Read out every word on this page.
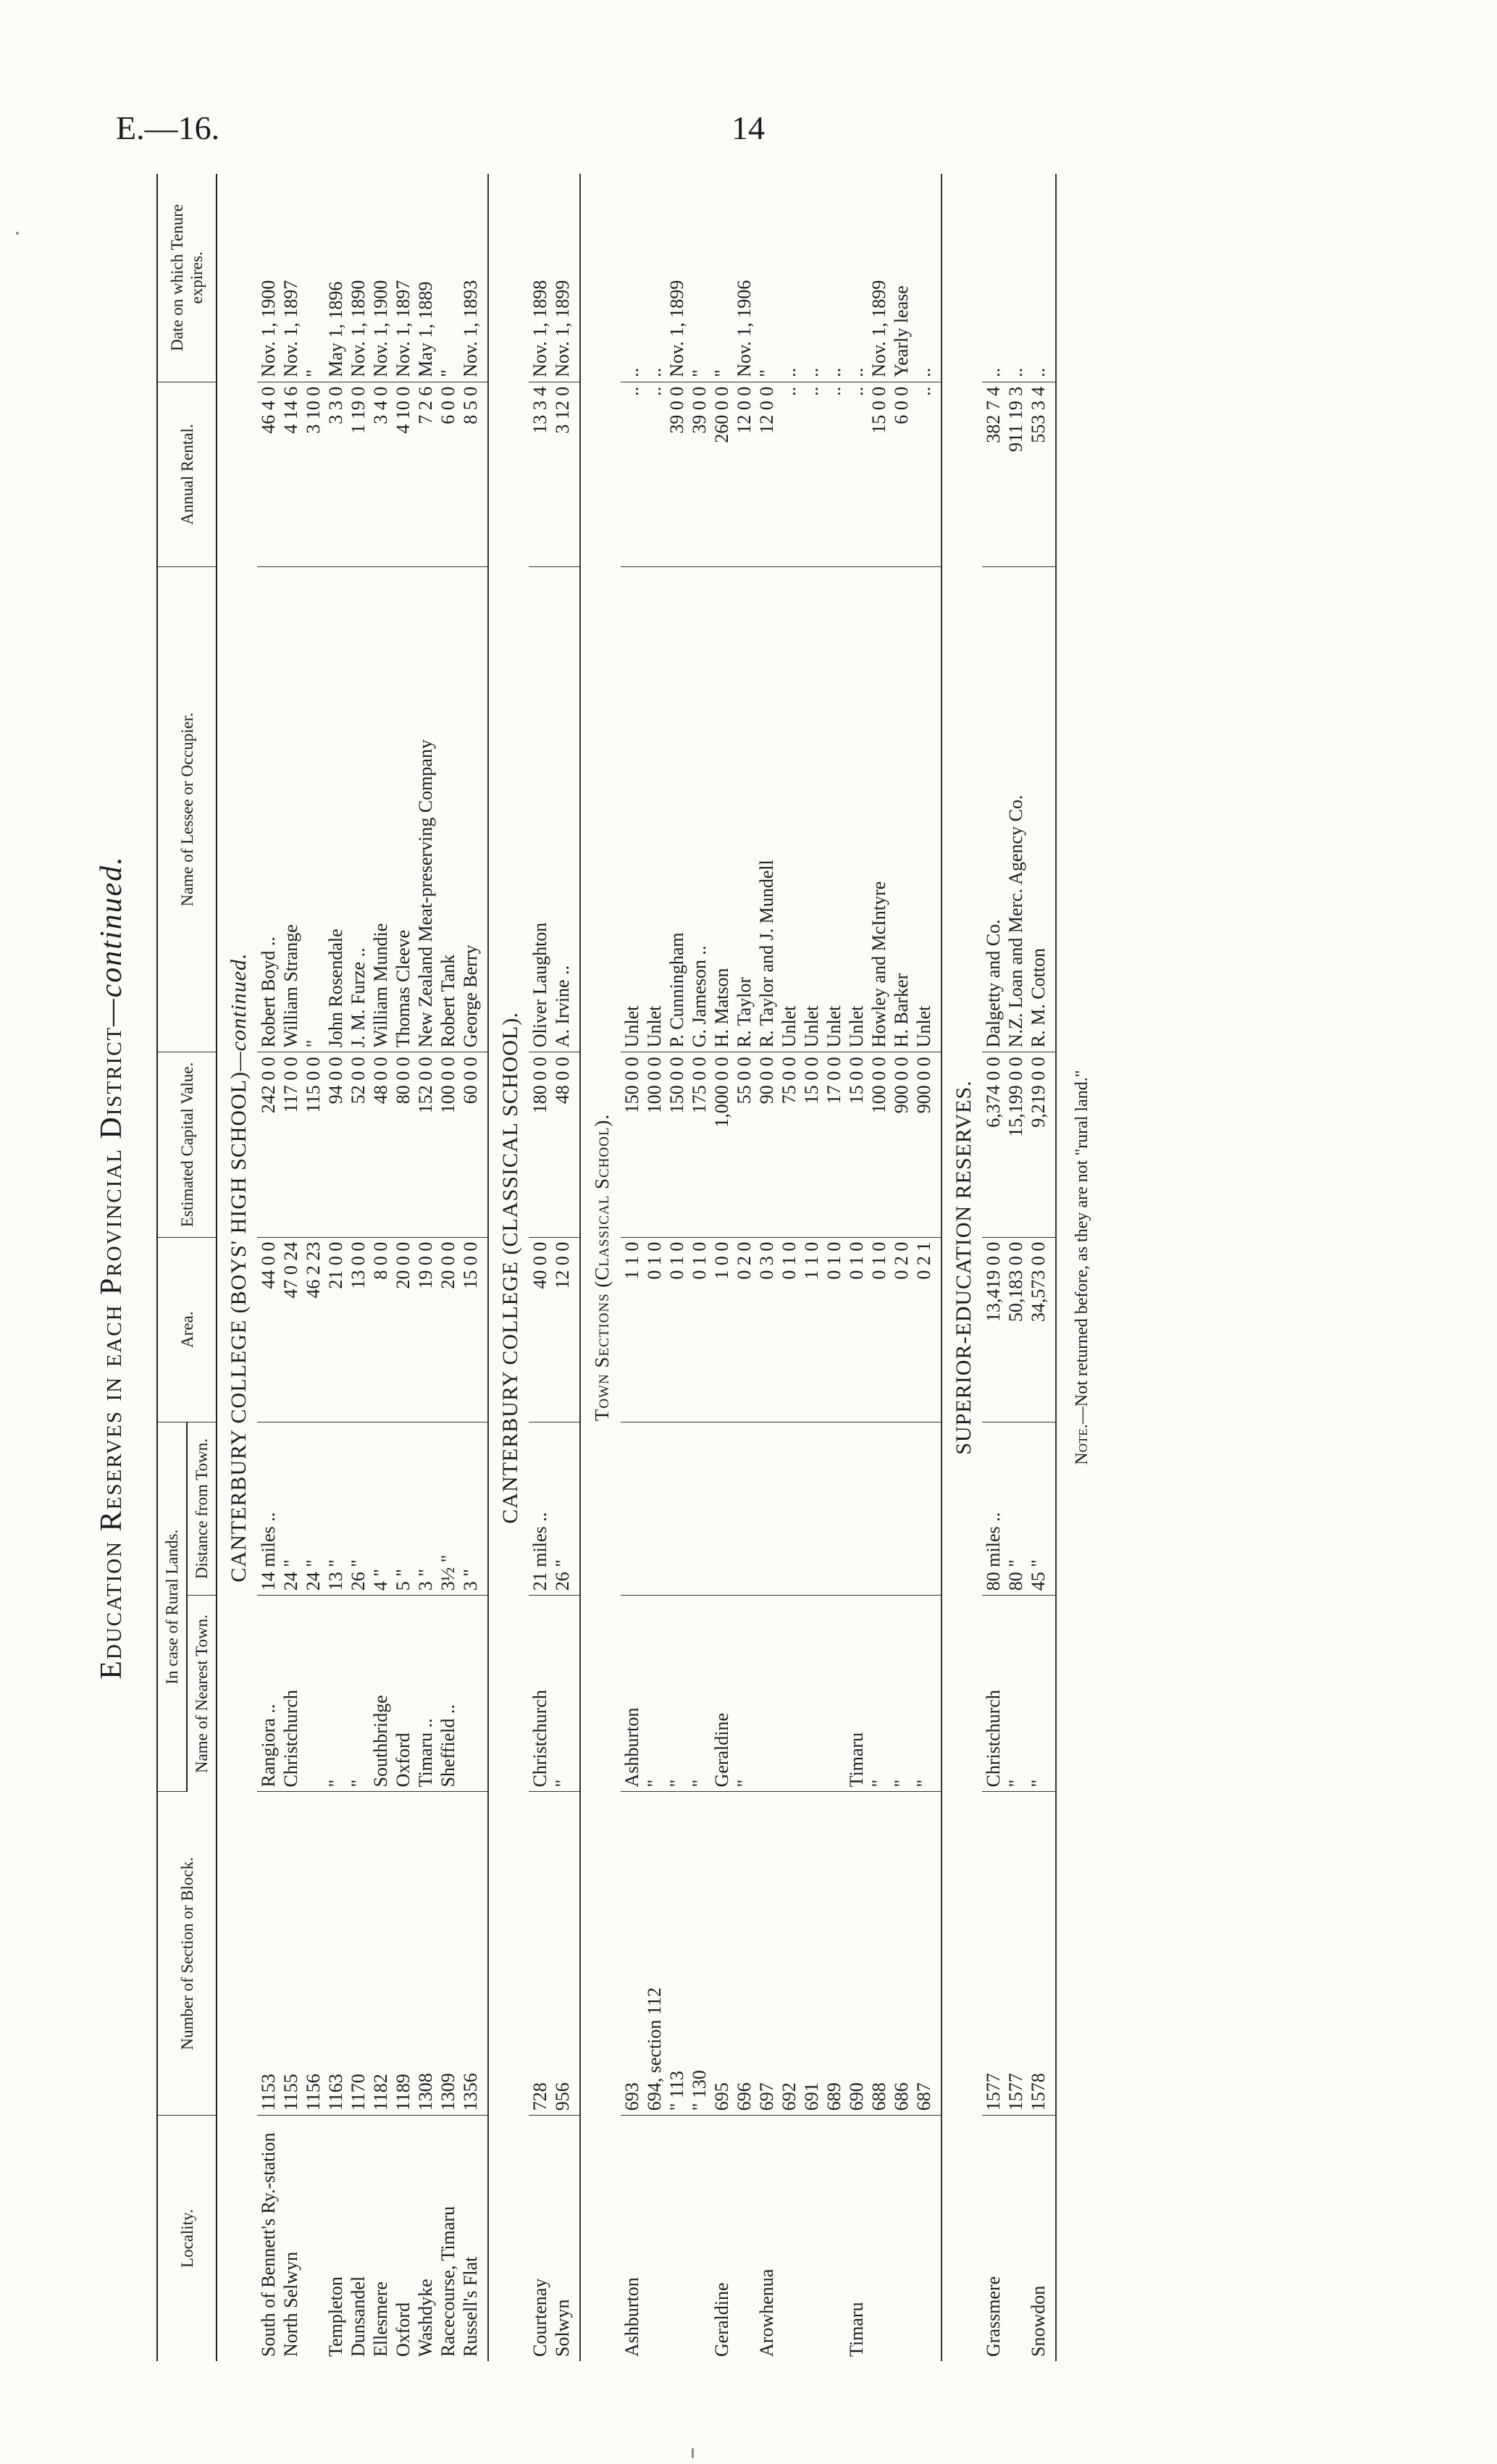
E.—16.	14
Education Reserves in each Provincial District—continued.
Locality.	Number of Section or Block.	In case of Rural Lands.		Area.	Estimated Capital Value.	Name of Lessee or Occupier.	Annual Rental.	Date on which Tenure expires.
		Name of Nearest Town.	Distance from Town.					
CANTERBURY COLLEGE (BOYS' HIGH SCHOOL)—continued.								
South of Bennett's Ry.-station	1153	Rangiora ..	14 miles ..	44 0 0	242 0 0	Robert Boyd ..	46 4 0	Nov. 1, 1900
North Selwyn	1155	Christchurch	24 "	47 0 24	117 0 0	William Strange	4 14 6	Nov. 1, 1897
	1156		24 "	46 2 23	115 0 0	"	3 10 0	"
Templeton	1163	"	13 "	21 0 0	94 0 0	John Rosendale	3 3 0	May 1, 1896
Dunsandel	1170	"	26 "	13 0 0	52 0 0	J. M. Furze ..	1 19 0	Nov. 1, 1890
Ellesmere	1182	Southbridge	4 "	8 0 0	48 0 0	William Mundie	3 4 0	Nov. 1, 1900
Oxford	1189	Oxford	5 "	20 0 0	80 0 0	Thomas Cleeve	4 10 0	Nov. 1, 1897
Washdyke	1308	Timaru ..	3 "	19 0 0	152 0 0	New Zealand Meat-preserving Company	7 2 6	May 1, 1889
Racecourse, Timaru	1309	Sheffield ..	3½ "	20 0 0	100 0 0	Robert Tank	6 0 0	"
Russell's Flat	1356		3 "	15 0 0	60 0 0	George Berry	8 5 0	Nov. 1, 1893
CANTERBURY COLLEGE (CLASSICAL SCHOOL).								
Courtenay	728	Christchurch	21 miles ..	40 0 0	180 0 0	Oliver Laughton	13 3 4	Nov. 1, 1898
Solwyn	956	"	26 "	12 0 0	48 0 0	A. Irvine ..	3 12 0	Nov. 1, 1899
Town Sections (Classical School).								
Ashburton	693	Ashburton		1 1 0	150 0 0	Unlet	..	..
	694, section 112	"		0 1 0	100 0 0	Unlet	..	..
	" 113	"		0 1 0	150 0 0	P. Cunningham	39 0 0	Nov. 1, 1899
	" 130	"		0 1 0	175 0 0	G. Jameson ..	39 0 0	"
Geraldine	695	Geraldine		1 0 0	1,000 0 0	H. Matson	260 0 0	"
	696	"		0 2 0	55 0 0	R. Taylor	12 0 0	Nov. 1, 1906
Arowhenua	697			0 3 0	90 0 0	R. Taylor and J. Mundell	12 0 0	"
	692			0 1 0	75 0 0	Unlet	..	..
	691			1 1 0	15 0 0	Unlet	..	..
	689			0 1 0	17 0 0	Unlet	..	..
Timaru	690	Timaru		0 1 0	15 0 0	Unlet	..	..
	688	"		0 1 0	100 0 0	Howley and McIntyre	15 0 0	Nov. 1, 1899
	686	"		0 2 0	900 0 0	H. Barker	6 0 0	Yearly lease
	687	"		0 2 1	900 0 0	Unlet	..	..
SUPERIOR-EDUCATION RESERVES.								
Grassmere	1577	Christchurch	80 miles ..	13,419 0 0	6,374 0 0	Dalgetty and Co.	382 7 4	..
	1577	"	80 "	50,183 0 0	15,199 0 0	N.Z. Loan and Merc. Agency Co.	911 19 3	..
Snowdon	1578	"	45 "	34,573 0 0	9,219 0 0	R. M. Cotton	553 3 4	..
Note.—Not returned before, as they are not "rural land."
